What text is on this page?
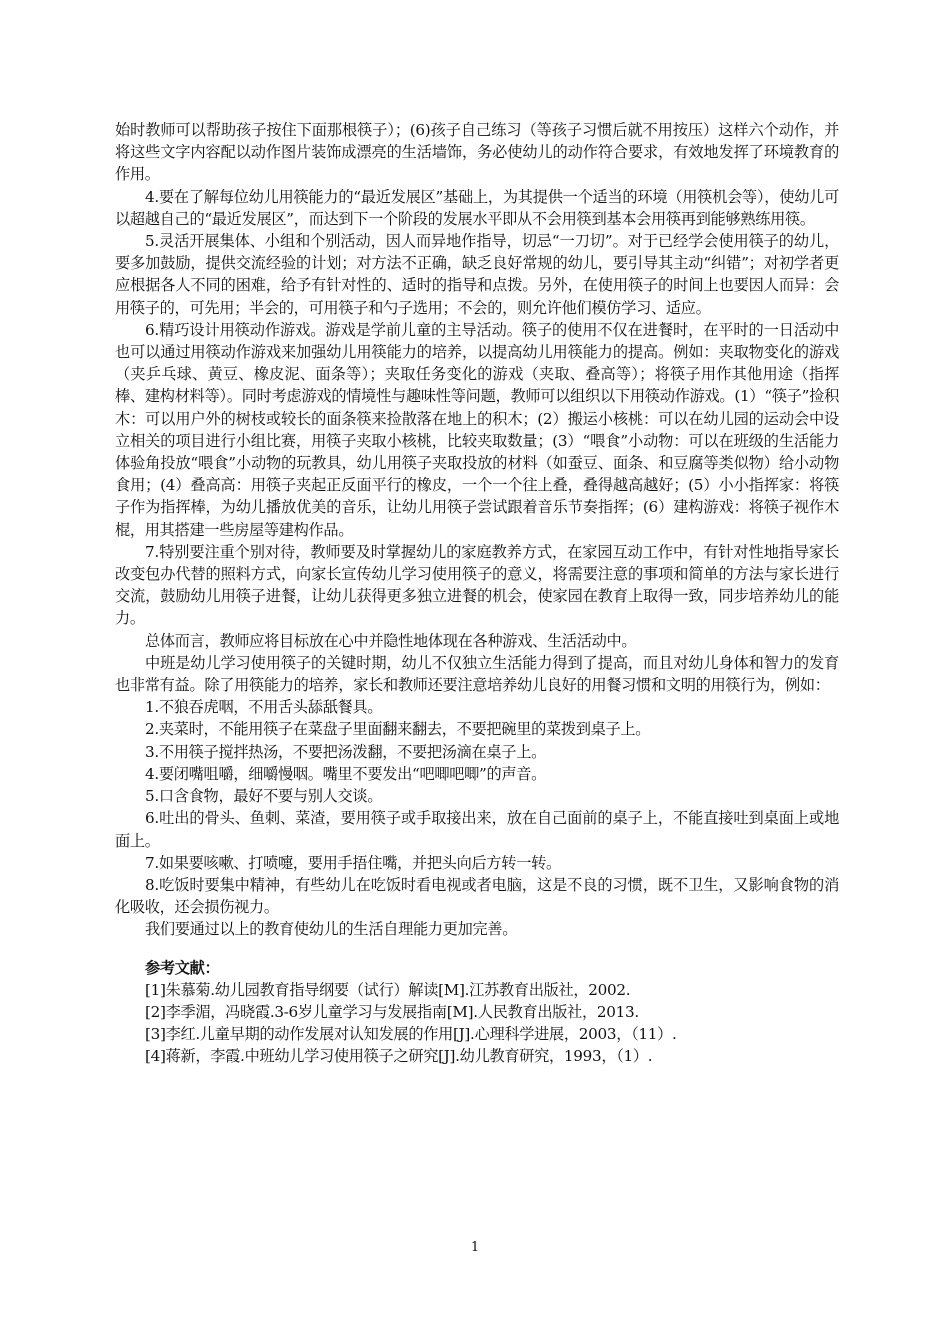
始时教师可以帮助孩子按住下面那根筷子）；(6)孩子自己练习（等孩子习惯后就不用按压）这样六个动作，并将这些文字内容配以动作图片装饰成漂亮的生活墙饰，务必使幼儿的动作符合要求，有效地发挥了环境教育的作用。

4.要在了解每位幼儿用筷能力的“最近发展区”基础上，为其提供一个适当的环境（用筷机会等），使幼儿可以超越自己的“最近发展区”，而达到下一个阶段的发展水平即从不会用筷到基本会用筷再到能够熟练用筷。

5.灵活开展集体、小组和个别活动，因人而异地作指导，切忌“一刀切”。对于已经学会使用筷子的幼儿，要多加鼓励，提供交流经验的计划；对方法不正确，缺乏良好常规的幼儿，要引导其主动“纠错”；对初学者更应根据各人不同的困难，给予有针对性的、适时的指导和点拨。另外，在使用筷子的时间上也要因人而异：会用筷子的，可先用；半会的，可用筷子和勺子选用；不会的，则允许他们模仿学习、适应。

6.精巧设计用筷动作游戏。游戏是学前儿童的主导活动。筷子的使用不仅在进餐时，在平时的一日活动中也可以通过用筷动作游戏来加强幼儿用筷能力的培养，以提高幼儿用筷能力的提高。例如：夹取物变化的游戏（夹乒乓球、黄豆、橡皮泥、面条等）；夹取任务变化的游戏（夹取、叠高等）；将筷子用作其他用途（指挥棒、建构材料等）。同时考虑游戏的情境性与趣味性等问题，教师可以组织以下用筷动作游戏。(1）“筷子”捡积木：可以用户外的树枝或较长的面条筷来捡散落在地上的积木；(2）搬运小核桃：可以在幼儿园的运动会中设立相关的项目进行小组比赛，用筷子夹取小核桃，比较夹取数量；(3）“喂食”小动物：可以在班级的生活能力体验角投放“喂食”小动物的玩教具，幼儿用筷子夹取投放的材料（如蚕豆、面条、和豆腐等类似物）给小动物食用；(4）叠高高：用筷子夹起正反面平行的橡皮，一个一个往上叠，叠得越高越好；(5）小小指挥家：将筷子作为指挥棒，为幼儿播放优美的音乐，让幼儿用筷子尝试跟着音乐节奏指挥；(6）建构游戏：将筷子视作木棍，用其搭建一些房屋等建构作品。

7.特别要注重个别对待，教师要及时掌握幼儿的家庭教养方式，在家园互动工作中，有针对性地指导家长改变包办代替的照料方式，向家长宣传幼儿学习使用筷子的意义，将需要注意的事项和简单的方法与家长进行交流，鼓励幼儿用筷子进餐，让幼儿获得更多独立进餐的机会，使家园在教育上取得一致，同步培养幼儿的能力。

总体而言，教师应将目标放在心中并隐性地体现在各种游戏、生活活动中。

中班是幼儿学习使用筷子的关键时期，幼儿不仅独立生活能力得到了提高，而且对幼儿身体和智力的发育也非常有益。除了用筷能力的培养，家长和教师还要注意培养幼儿良好的用餐习惯和文明的用筷行为，例如：

1.不狼吞虎咽，不用舌头舔舐餐具。

2.夹菜时，不能用筷子在菜盘子里面翻来翻去，不要把碗里的菜拨到桌子上。

3.不用筷子搅拌热汤，不要把汤泼翻，不要把汤滴在桌子上。

4.要闭嘴咀嚼，细嚼慢咽。嘴里不要发出“吧唧吧唧”的声音。

5.口含食物，最好不要与别人交谈。

6.吐出的骨头、鱼刺、菜渣，要用筷子或手取接出来，放在自己面前的桌子上，不能直接吐到桌面上或地面上。

7.如果要咳嗽、打喷嚏，要用手捂住嘴，并把头向后方转一转。

8.吃饭时要集中精神，有些幼儿在吃饭时看电视或者电脑，这是不良的习惯，既不卫生，又影响食物的消化吸收，还会损伤视力。

我们要通过以上的教育使幼儿的生活自理能力更加完善。

参考文献：

[1]朱慕菊.幼儿园教育指导纲要（试行）解读[M].江苏教育出版社，2002.

[2]李季湄，冯晓霞.3-6岁儿童学习与发展指南[M].人民教育出版社，2013.

[3]李红.儿童早期的动作发展对认知发展的作用[J].心理科学进展，2003，（11）.

[4]蒋新，李霞.中班幼儿学习使用筷子之研究[J].幼儿教育研究，1993，（1）.

1
